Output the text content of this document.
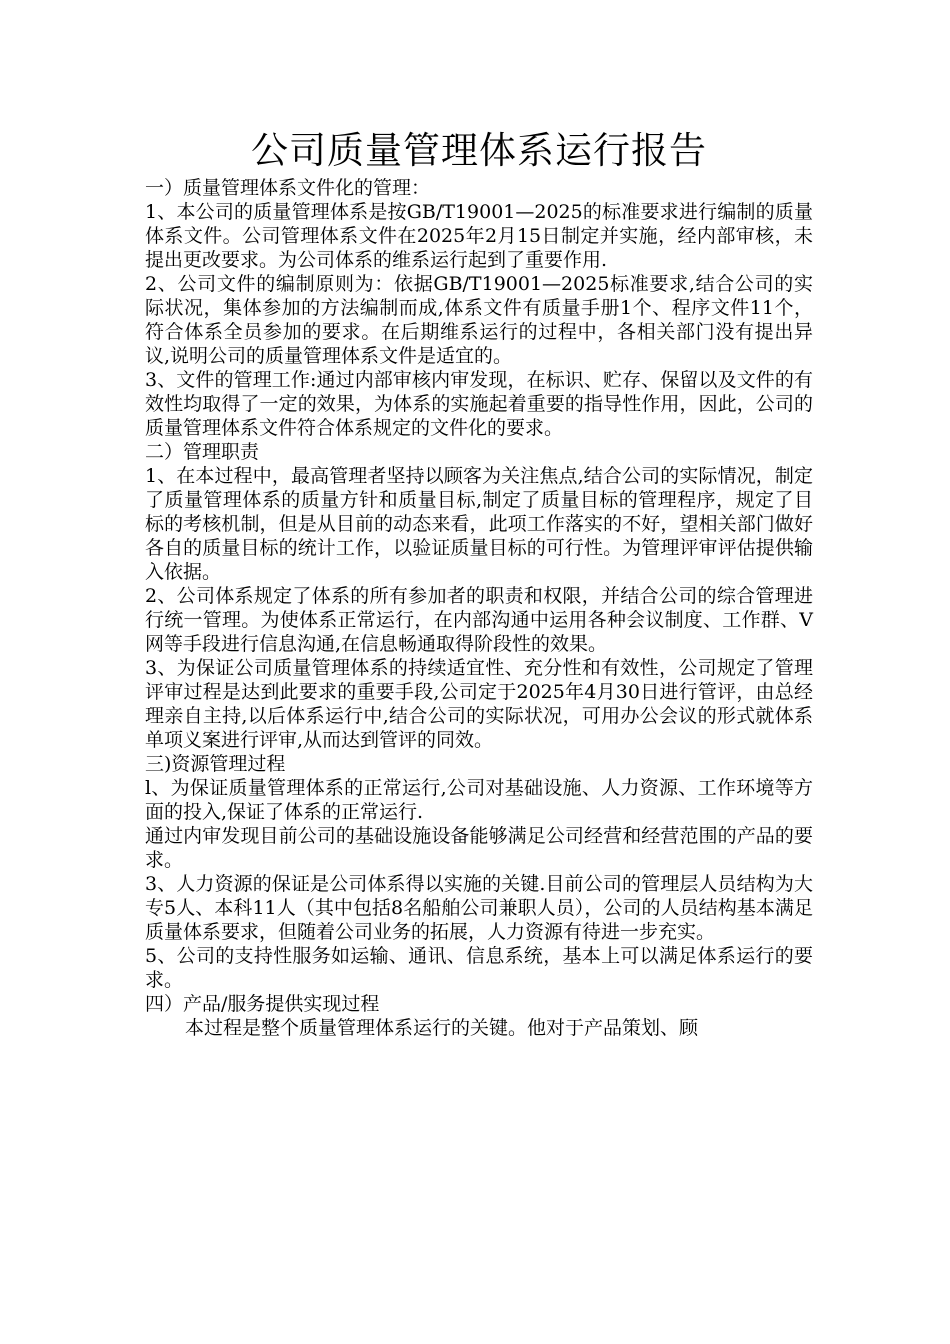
公司质量管理体系运行报告

一）质量管理体系文件化的管理：

1、本公司的质量管理体系是按GB/T19001—2025的标准要求进行编制的质量体系文件。公司管理体系文件在2025年2月15日制定并实施，经内部审核，未提出更改要求。为公司体系的维系运行起到了重要作用.

2、公司文件的编制原则为：依据GB/T19001—2025标准要求,结合公司的实际状况，集体参加的方法编制而成,体系文件有质量手册1个、程序文件11个，符合体系全员参加的要求。在后期维系运行的过程中，各相关部门没有提出异议,说明公司的质量管理体系文件是适宜的。

3、文件的管理工作:通过内部审核内审发现，在标识、贮存、保留以及文件的有效性均取得了一定的效果，为体系的实施起着重要的指导性作用，因此，公司的质量管理体系文件符合体系规定的文件化的要求。

二）管理职责

1、在本过程中，最高管理者坚持以顾客为关注焦点,结合公司的实际情况，制定了质量管理体系的质量方针和质量目标,制定了质量目标的管理程序，规定了目标的考核机制，但是从目前的动态来看，此项工作落实的不好，望相关部门做好各自的质量目标的统计工作，以验证质量目标的可行性。为管理评审评估提供输入依据。

2、公司体系规定了体系的所有参加者的职责和权限，并结合公司的综合管理进行统一管理。为使体系正常运行，在内部沟通中运用各种会议制度、工作群、V网等手段进行信息沟通,在信息畅通取得阶段性的效果。

3、为保证公司质量管理体系的持续适宜性、充分性和有效性，公司规定了管理评审过程是达到此要求的重要手段,公司定于2025年4月30日进行管评，由总经理亲自主持,以后体系运行中,结合公司的实际状况，可用办公会议的形式就体系单项义案进行评审,从而达到管评的同效。

三)资源管理过程

l、为保证质量管理体系的正常运行,公司对基础设施、人力资源、工作环境等方面的投入,保证了体系的正常运行.

通过内审发现目前公司的基础设施设备能够满足公司经营和经营范围的产品的要求。

3、人力资源的保证是公司体系得以实施的关键.目前公司的管理层人员结构为大专5人、本科11人（其中包括8名船舶公司兼职人员），公司的人员结构基本满足质量体系要求，但随着公司业务的拓展，人力资源有待进一步充实。

5、公司的支持性服务如运输、通讯、信息系统，基本上可以满足体系运行的要求。

四）产品/服务提供实现过程

本过程是整个质量管理体系运行的关键。他对于产品策划、顾
